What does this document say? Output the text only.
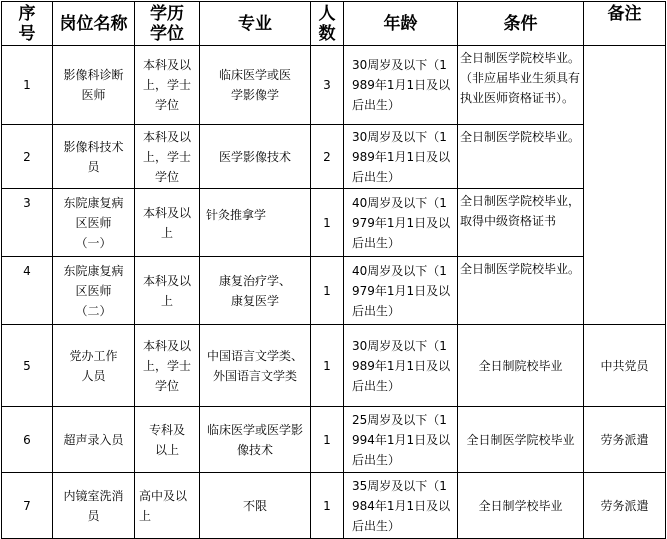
序号	岗位名称	学历学位	专业	人数	年龄	条件	备注
1	影像科诊断医师	本科及以上，学士学位	临床医学或医学影像学	3	30周岁及以下（1989年1月1日及以后出生）	全日制医学院校毕业。（非应届毕业生须具有执业医师资格证书）。	
2	影像科技术员	本科及以上，学士学位	医学影像技术	2	30周岁及以下（1989年1月1日及以后出生）	全日制医学院校毕业。	
3	东院康复病区医师（一）	本科及以上	针灸推拿学	1	40周岁及以下（1979年1月1日及以后出生）	全日制医学院校毕业，取得中级资格证书	
4	东院康复病区医师（二）	本科及以上	康复治疗学、康复医学	1	40周岁及以下（1979年1月1日及以后出生）	全日制医学院校毕业。	
5	党办工作人员	本科及以上，学士学位	中国语言文学类、外国语言文学类	1	30周岁及以下（1989年1月1日及以后出生）	全日制院校毕业	中共党员
6	超声录入员	专科及以上	临床医学或医学影像技术	1	25周岁及以下（1994年1月1日及以后出生）	全日制医学院校毕业	劳务派遣
7	内镜室洗消员	高中及以上	不限	1	35周岁及以下（1984年1月1日及以后出生）	全日制学校毕业	劳务派遣
